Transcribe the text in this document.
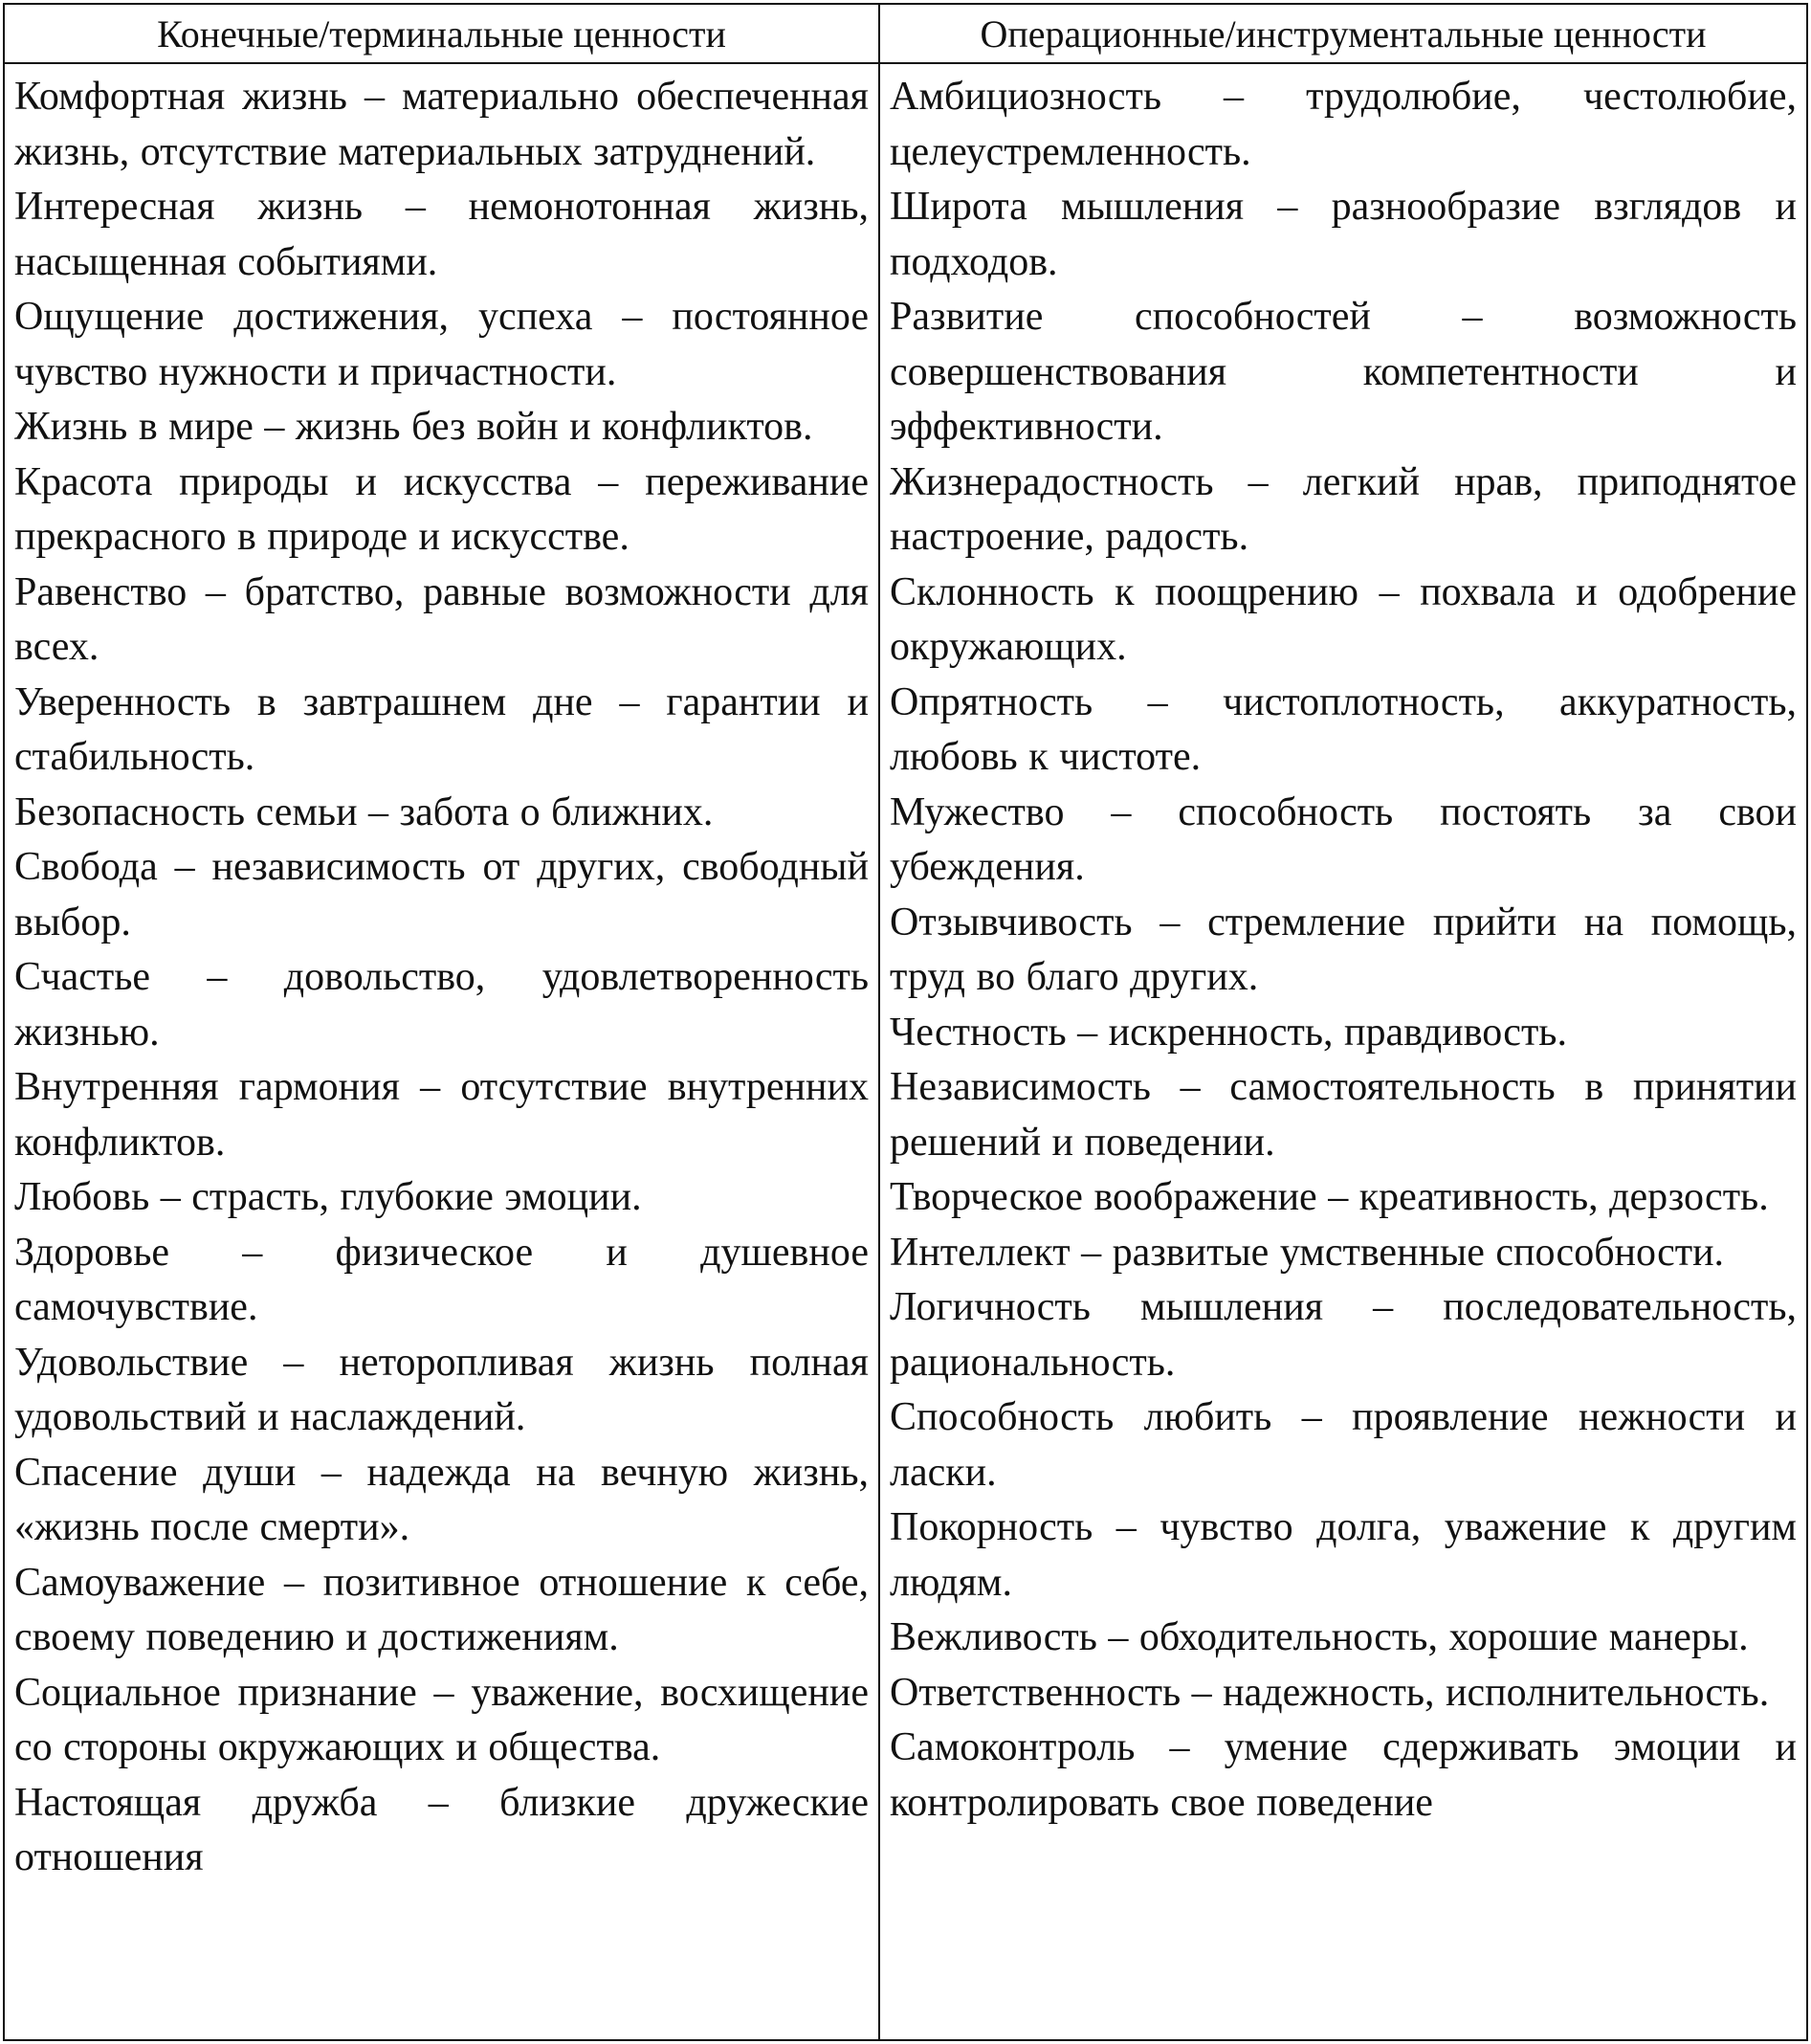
Конечные/терминальные ценности	Операционные/инструментальные ценности

Комфортная жизнь – материально обеспеченная жизнь, отсутствие материальных затруднений.

Интересная жизнь – немонотонная жизнь, насыщенная событиями.

Ощущение достижения, успеха – постоянное чувство нужности и причастности.

Жизнь в мире – жизнь без войн и конфликтов.

Красота природы и искусства – переживание прекрасного в природе и искусстве.

Равенство – братство, равные возможности для всех.

Уверенность в завтрашнем дне – гарантии и стабильность.

Безопасность семьи – забота о ближних.

Свобода – независимость от других, свободный выбор.

Счастье – довольство, удовлетворенность жизнью.

Внутренняя гармония – отсутствие внутренних конфликтов.

Любовь – страсть, глубокие эмоции.

Здоровье – физическое и душевное самочувствие.

Удовольствие – неторопливая жизнь полная удовольствий и наслаждений.

Спасение души – надежда на вечную жизнь, «жизнь после смерти».

Самоуважение – позитивное отношение к себе, своему поведению и достижениям.

Социальное признание – уважение, восхищение со стороны окружающих и общества.

Настоящая дружба – близкие дружеские отношения

Амбициозность – трудолюбие, честолюбие, целеустремленность.

Широта мышления – разнообразие взглядов и подходов.

Развитие способностей – возможность совершенствования компетентности и эффективности.

Жизнерадостность – легкий нрав, приподнятое настроение, радость.

Склонность к поощрению – похвала и одобрение окружающих.

Опрятность – чистоплотность, аккуратность, любовь к чистоте.

Мужество – способность постоять за свои убеждения.

Отзывчивость – стремление прийти на помощь, труд во благо других.

Честность – искренность, правдивость.

Независимость – самостоятельность в принятии решений и поведении.

Творческое воображение – креативность, дерзость.

Интеллект – развитые умственные способности.

Логичность мышления – последовательность, рациональность.

Способность любить – проявление нежности и ласки.

Покорность – чувство долга, уважение к другим людям.

Вежливость – обходительность, хорошие манеры.

Ответственность – надежность, исполнительность.

Самоконтроль – умение сдерживать эмоции и контролировать свое поведение
